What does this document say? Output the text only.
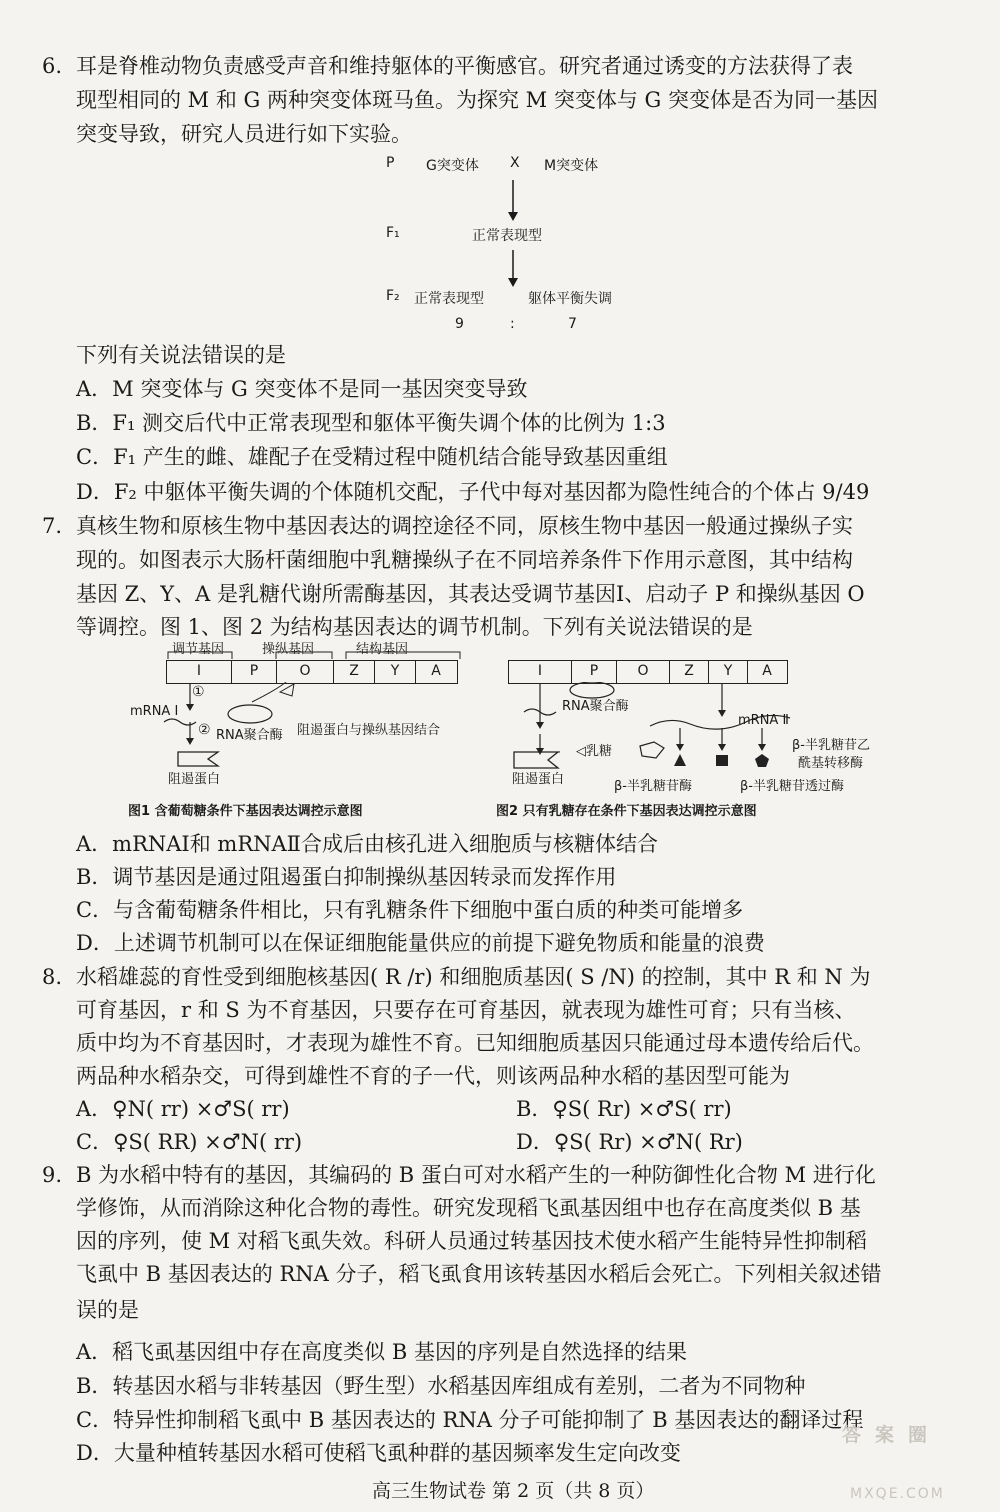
6. 耳是脊椎动物负责感受声音和维持躯体的平衡感官。研究者通过诱变的方法获得了表
现型相同的 M 和 G 两种突变体斑马鱼。为探究 M 突变体与 G 突变体是否为同一基因
突变导致，研究人员进行如下实验。
P G突变体 X M突变体
F₁	正常表现型
F₂ 正常表现型	躯体平衡失调
9	:	7
下列有关说法错误的是
A．M 突变体与 G 突变体不是同一基因突变导致
B．F₁ 测交后代中正常表现型和躯体平衡失调个体的比例为 1:3
C．F₁ 产生的雌、雄配子在受精过程中随机结合能导致基因重组
D．F₂ 中躯体平衡失调的个体随机交配，子代中每对基因都为隐性纯合的个体占 9/49
7. 真核生物和原核生物中基因表达的调控途径不同，原核生物中基因一般通过操纵子实
现的。如图表示大肠杆菌细胞中乳糖操纵子在不同培养条件下作用示意图，其中结构
基因 Z、Y、A 是乳糖代谢所需酶基因，其表达受调节基因Ⅰ、启动子 P 和操纵基因 O
等调控。图 1、图 2 为结构基因表达的调节机制。下列有关说法错误的是
调节基因	操纵基因	结构基因
I	P	O	Z	Y	A
①
mRNA Ⅰ
② RNA聚合酶 阻遏蛋白与操纵基因结合
阻遏蛋白
图1 含葡萄糖条件下基因表达调控示意图
I	P	O	Z	Y	A
RNA聚合酶
mRNA Ⅱ
◁乳糖
阻遏蛋白	β-半乳糖苷酶	β-半乳糖苷透过酶
β-半乳糖苷乙
酰基转移酶
图2 只有乳糖存在条件下基因表达调控示意图
A．mRNAⅠ和 mRNAⅡ合成后由核孔进入细胞质与核糖体结合
B．调节基因是通过阻遏蛋白抑制操纵基因转录而发挥作用
C．与含葡萄糖条件相比，只有乳糖条件下细胞中蛋白质的种类可能增多
D．上述调节机制可以在保证细胞能量供应的前提下避免物质和能量的浪费
8. 水稻雄蕊的育性受到细胞核基因( R /r) 和细胞质基因( S /N) 的控制，其中 R 和 N 为
可育基因，r 和 S 为不育基因，只要存在可育基因，就表现为雄性可育；只有当核、
质中均为不育基因时，才表现为雄性不育。已知细胞质基因只能通过母本遗传给后代。
两品种水稻杂交，可得到雄性不育的子一代，则该两品种水稻的基因型可能为
A．♀N( rr) ×♂S( rr)	B．♀S( Rr) ×♂S( rr)
C．♀S( RR) ×♂N( rr)	D．♀S( Rr) ×♂N( Rr)
9. B 为水稻中特有的基因，其编码的 B 蛋白可对水稻产生的一种防御性化合物 M 进行化
学修饰，从而消除这种化合物的毒性。研究发现稻飞虱基因组中也存在高度类似 B 基
因的序列，使 M 对稻飞虱失效。科研人员通过转基因技术使水稻产生能特异性抑制稻
飞虱中 B 基因表达的 RNA 分子，稻飞虱食用该转基因水稻后会死亡。下列相关叙述错
误的是
A．稻飞虱基因组中存在高度类似 B 基因的序列是自然选择的结果
B．转基因水稻与非转基因（野生型）水稻基因库组成有差别，二者为不同物种
C．特异性抑制稻飞虱中 B 基因表达的 RNA 分子可能抑制了 B 基因表达的翻译过程
D．大量种植转基因水稻可使稻飞虱种群的基因频率发生定向改变
高三生物试卷 第 2 页（共 8 页）
答案圈
MXQE.COM
